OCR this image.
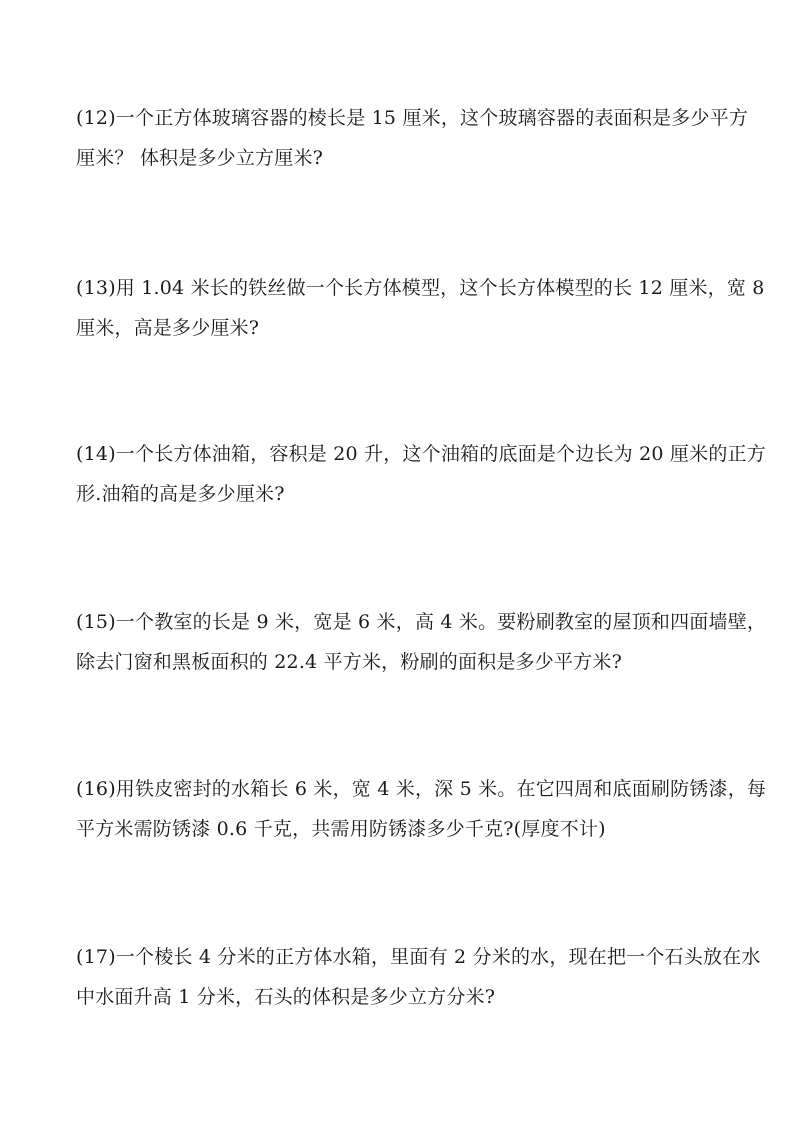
(12)一个正方体玻璃容器的棱长是 15 厘米，这个玻璃容器的表面积是多少平方
厘米？ 体积是多少立方厘米?
(13)用 1.04 米长的铁丝做一个长方体模型，这个长方体模型的长 12 厘米，宽 8
厘米，高是多少厘米?
(14)一个长方体油箱，容积是 20 升，这个油箱的底面是个边长为 20 厘米的正方
形.油箱的高是多少厘米?
(15)一个教室的长是 9 米，宽是 6 米，高 4 米。要粉刷教室的屋顶和四面墙壁，
除去门窗和黑板面积的 22.4 平方米，粉刷的面积是多少平方米?
(16)用铁皮密封的水箱长 6 米，宽 4 米，深 5 米。在它四周和底面刷防锈漆，每
平方米需防锈漆 0.6 千克，共需用防锈漆多少千克?(厚度不计)
(17)一个棱长 4 分米的正方体水箱，里面有 2 分米的水，现在把一个石头放在水
中水面升高 1 分米，石头的体积是多少立方分米?
